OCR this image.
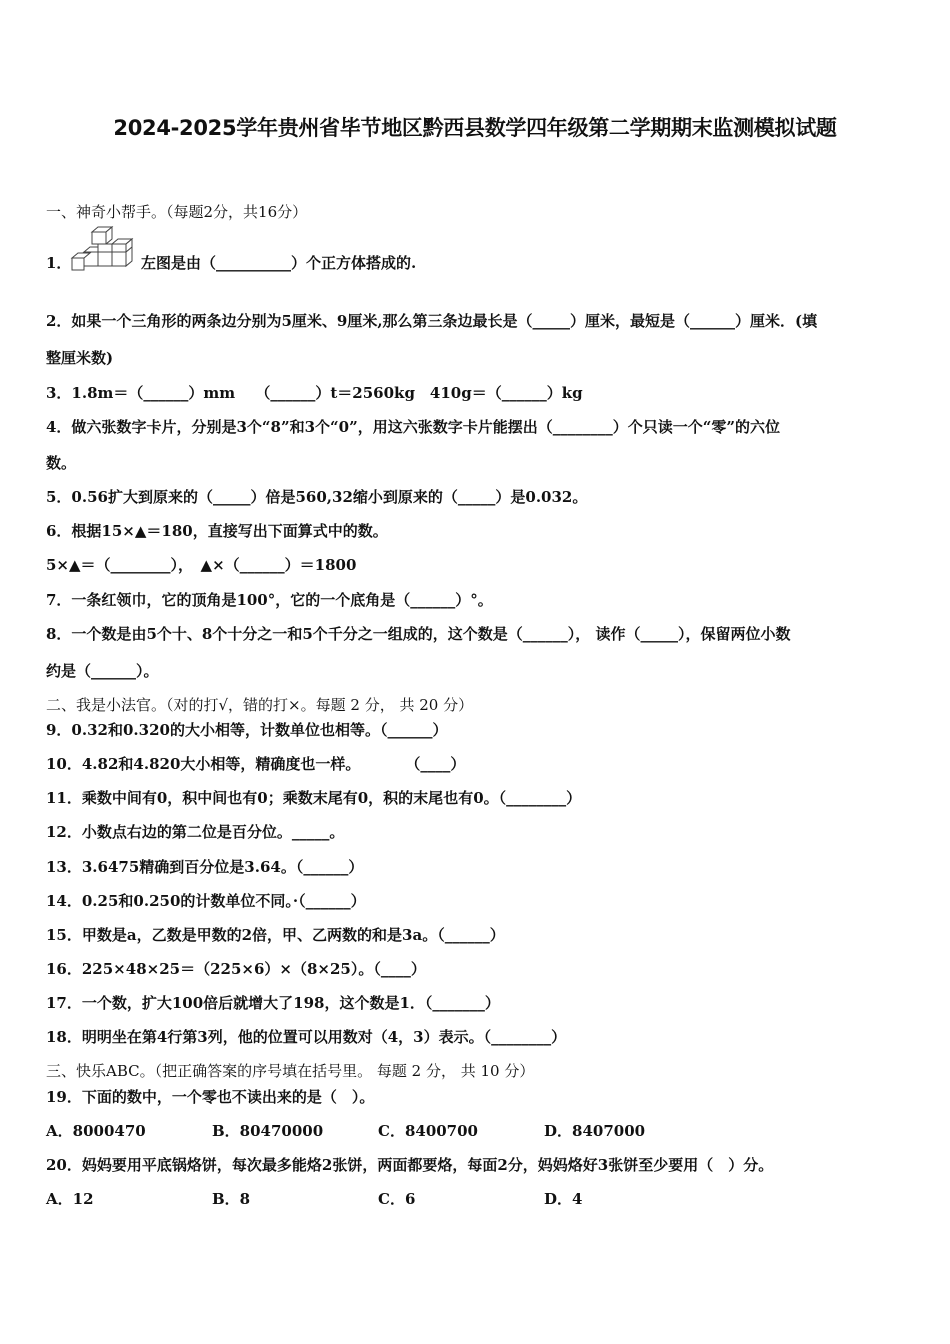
2024-2025学年贵州省毕节地区黔西县数学四年级第二学期期末监测模拟试题
一、神奇小帮手。（每题2分，共16分）
1．	左图是由（__________）个正方体搭成的.
2．如果一个三角形的两条边分别为5厘米、9厘米,那么第三条边最长是（_____）厘米，最短是（______）厘米．(填
整厘米数)
3．1.8m＝（______）mm　 （______）t＝2560kg　410g＝（______）kg
4．做六张数字卡片，分别是3个“8”和3个“0”，用这六张数字卡片能摆出（________）个只读一个“零”的六位
数。
5．0.56扩大到原来的（_____）倍是560,32缩小到原来的（_____）是0.032。
6．根据15×▲＝180，直接写出下面算式中的数。
5×▲＝（________），　▲×（______）＝1800
7．一条红领巾，它的顶角是100°，它的一个底角是（______）°。
8．一个数是由5个十、8个十分之一和5个千分之一组成的，这个数是（______）， 读作（_____），保留两位小数
约是（______）。
二、我是小法官。（对的打√，错的打×。每题 2 分， 共 20 分）
9．0.32和0.320的大小相等，计数单位也相等。（______）
10．4.82和4.820大小相等，精确度也一样。　　　　（____）
11．乘数中间有0，积中间也有0；乘数末尾有0，积的末尾也有0。（________）
12．小数点右边的第二位是百分位。_____。
13．3.6475精确到百分位是3.64。（______）
14．0.25和0.250的计数单位不同。·（______）
15．甲数是a，乙数是甲数的2倍，甲、乙两数的和是3a。（______）
16．225×48×25＝（225×6）×（8×25）。（____）
17．一个数，扩大100倍后就增大了198，这个数是1．（_______）
18．明明坐在第4行第3列，他的位置可以用数对（4，3）表示。（________）
三、快乐ABC。（把正确答案的序号填在括号里。 每题 2 分， 共 10 分）
19．下面的数中，一个零也不读出来的是（　）。
A．8000470	B．80470000	C．8400700	D．8407000
20．妈妈要用平底锅烙饼，每次最多能烙2张饼，两面都要烙，每面2分，妈妈烙好3张饼至少要用（　）分。
A．12	B．8	C．6	D．4
